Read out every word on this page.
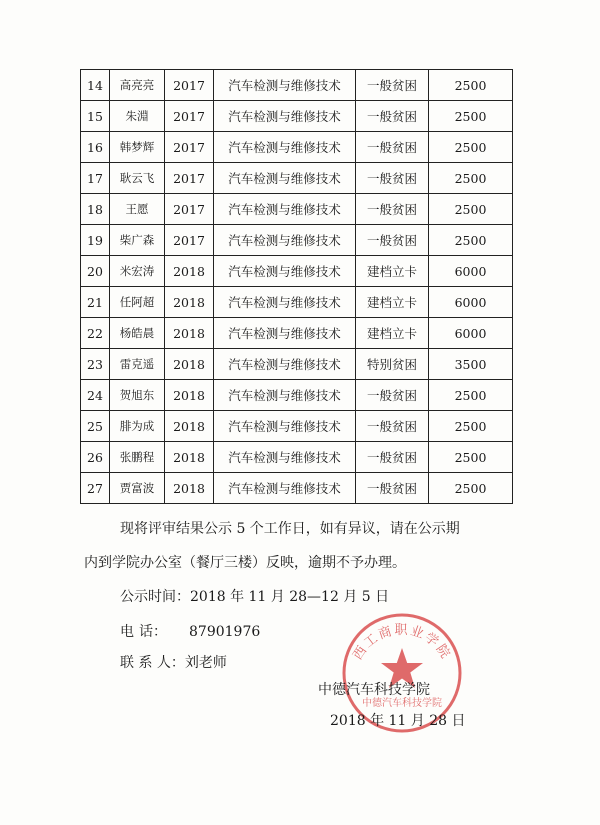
14	高亮亮	2017	汽车检测与维修技术	一般贫困	2500
15	朱淵	2017	汽车检测与维修技术	一般贫困	2500
16	韩梦辉	2017	汽车检测与维修技术	一般贫困	2500
17	耿云飞	2017	汽车检测与维修技术	一般贫困	2500
18	王愿	2017	汽车检测与维修技术	一般贫困	2500
19	柴广森	2017	汽车检测与维修技术	一般贫困	2500
20	米宏涛	2018	汽车检测与维修技术	建档立卡	6000
21	任阿超	2018	汽车检测与维修技术	建档立卡	6000
22	杨皓晨	2018	汽车检测与维修技术	建档立卡	6000
23	雷克遥	2018	汽车检测与维修技术	特别贫困	3500
24	贺旭东	2018	汽车检测与维修技术	一般贫困	2500
25	腓为成	2018	汽车检测与维修技术	一般贫困	2500
26	张鹏程	2018	汽车检测与维修技术	一般贫困	2500
27	贾富波	2018	汽车检测与维修技术	一般贫困	2500
现将评审结果公示 5 个工作日，如有异议，请在公示期
内到学院办公室（餐厅三楼）反映，逾期不予办理。
公示时间：2018 年 11 月 28—12 月 5 日
电 话： 87901976
联 系 人：刘老师
西工商职业学院
中德汽车科技学院
中德汽车科技学院
2018 年 11 月 28 日
